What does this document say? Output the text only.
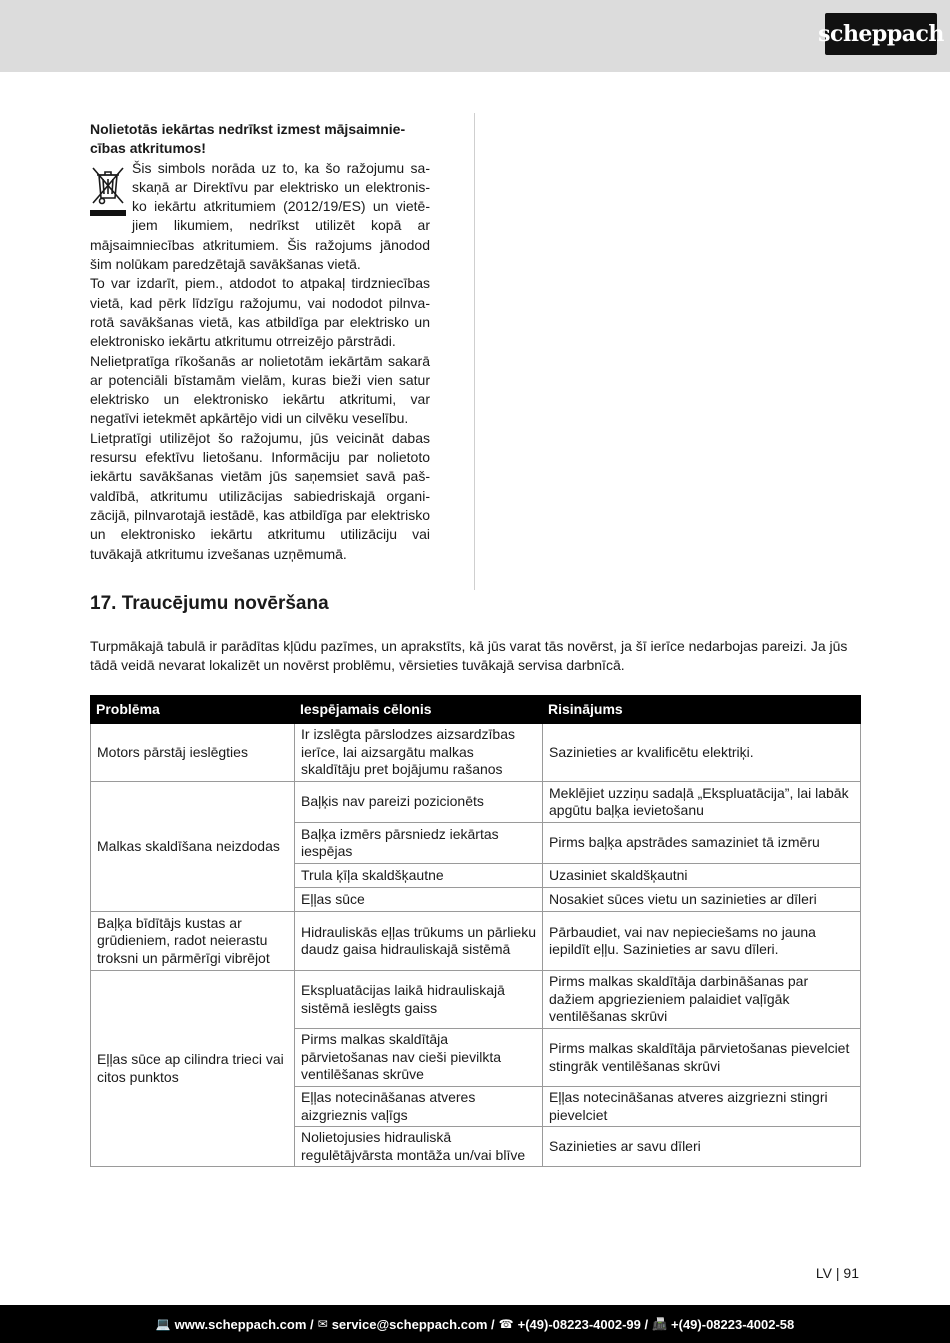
scheppach

Nolietotās iekārtas nedrīkst izmest mājsaimniecības atkritumos!

Šis simbols norāda uz to, ka šo ražojumu saskaņā ar Direktīvu par elektrisko un elektronisko iekārtu atkritumiem (2012/19/ES) un vietējiem likumiem, nedrīkst utilizēt kopā ar mājsaimniecības atkritumiem. Šis ražojums jānodod šim nolūkam paredzētajā savākšanas vietā.

To var izdarīt, piem., atdodot to atpakaļ tirdzniecības vietā, kad pērk līdzīgu ražojumu, vai nododot pilnvarotā savākšanas vietā, kas atbildīga par elektrisko un elektronisko iekārtu atkritumu otrreizējo pārstrādi.

Nelietpratīga rīkošanās ar nolietotām iekārtām sakarā ar potenciāli bīstamām vielām, kuras bieži vien satur elektrisko un elektronisko iekārtu atkritumi, var negatīvi ietekmēt apkārtējo vidi un cilvēku veselību.

Lietpratīgi utilizējot šo ražojumu, jūs veicināt dabas resursu efektīvu lietošanu. Informāciju par nolietoto iekārtu savākšanas vietām jūs saņemsiet savā pašvaldībā, atkritumu utilizācijas sabiedriskajā organizācijā, pilnvarotajā iestādē, kas atbildīga par elektrisko un elektronisko iekārtu atkritumu utilizāciju vai tuvākajā atkritumu izvešanas uzņēmumā.

17. Traucējumu novēršana

Turpmākajā tabulā ir parādītas kļūdu pazīmes, un aprakstīts, kā jūs varat tās novērst, ja šī ierīce nedarbojas pareizi. Ja jūs tādā veidā nevarat lokalizēt un novērst problēmu, vērsieties tuvākajā servisa darbnīcā.

Problēma	Iespējamais cēlonis	Risinājums
Motors pārstāj ieslēgties	Ir izslēgta pārslodzes aizsardzības ierīce, lai aizsargātu malkas skaldītāju pret bojājumu rašanos	Sazinieties ar kvalificētu elektriķi.
Malkas skaldīšana neizdodas	Baļķis nav pareizi pozicionēts	Meklējiet uzziņu sadaļā „Ekspluatācija”, lai labāk apgūtu baļķa ievietošanu
	Baļķa izmērs pārsniedz iekārtas iespējas	Pirms baļķa apstrādes samaziniet tā izmēru
	Trula ķīļa skaldšķautne	Uzasiniet skaldšķautni
	Eļļas sūce	Nosakiet sūces vietu un sazinieties ar dīleri
Baļķa bīdītājs kustas ar grūdieniem, radot neierastu troksni un pārmērīgi vibrējot	Hidrauliskās eļļas trūkums un pārlieku daudz gaisa hidrauliskajā sistēmā	Pārbaudiet, vai nav nepieciešams no jauna iepildīt eļļu. Sazinieties ar savu dīleri.
Eļļas sūce ap cilindra trieci vai citos punktos	Ekspluatācijas laikā hidrauliskajā sistēmā ieslēgts gaiss	Pirms malkas skaldītāja darbināšanas par dažiem apgriezieniem palaidiet vaļīgāk ventilēšanas skrūvi
	Pirms malkas skaldītāja pārvietošanas nav cieši pievilkta ventilēšanas skrūve	Pirms malkas skaldītāja pārvietošanas pievelciet stingrāk ventilēšanas skrūvi
	Eļļas notecināšanas atveres aizgrieznis vaļīgs	Eļļas notecināšanas atveres aizgriezni stingri pievelciet
	Nolietojusies hidrauliskā regulētājvārsta montāža un/vai blīve	Sazinieties ar savu dīleri
LV | 91
💻 www.scheppach.com / ✉ service@scheppach.com / ☎ +(49)-08223-4002-99 / 📠 +(49)-08223-4002-58
